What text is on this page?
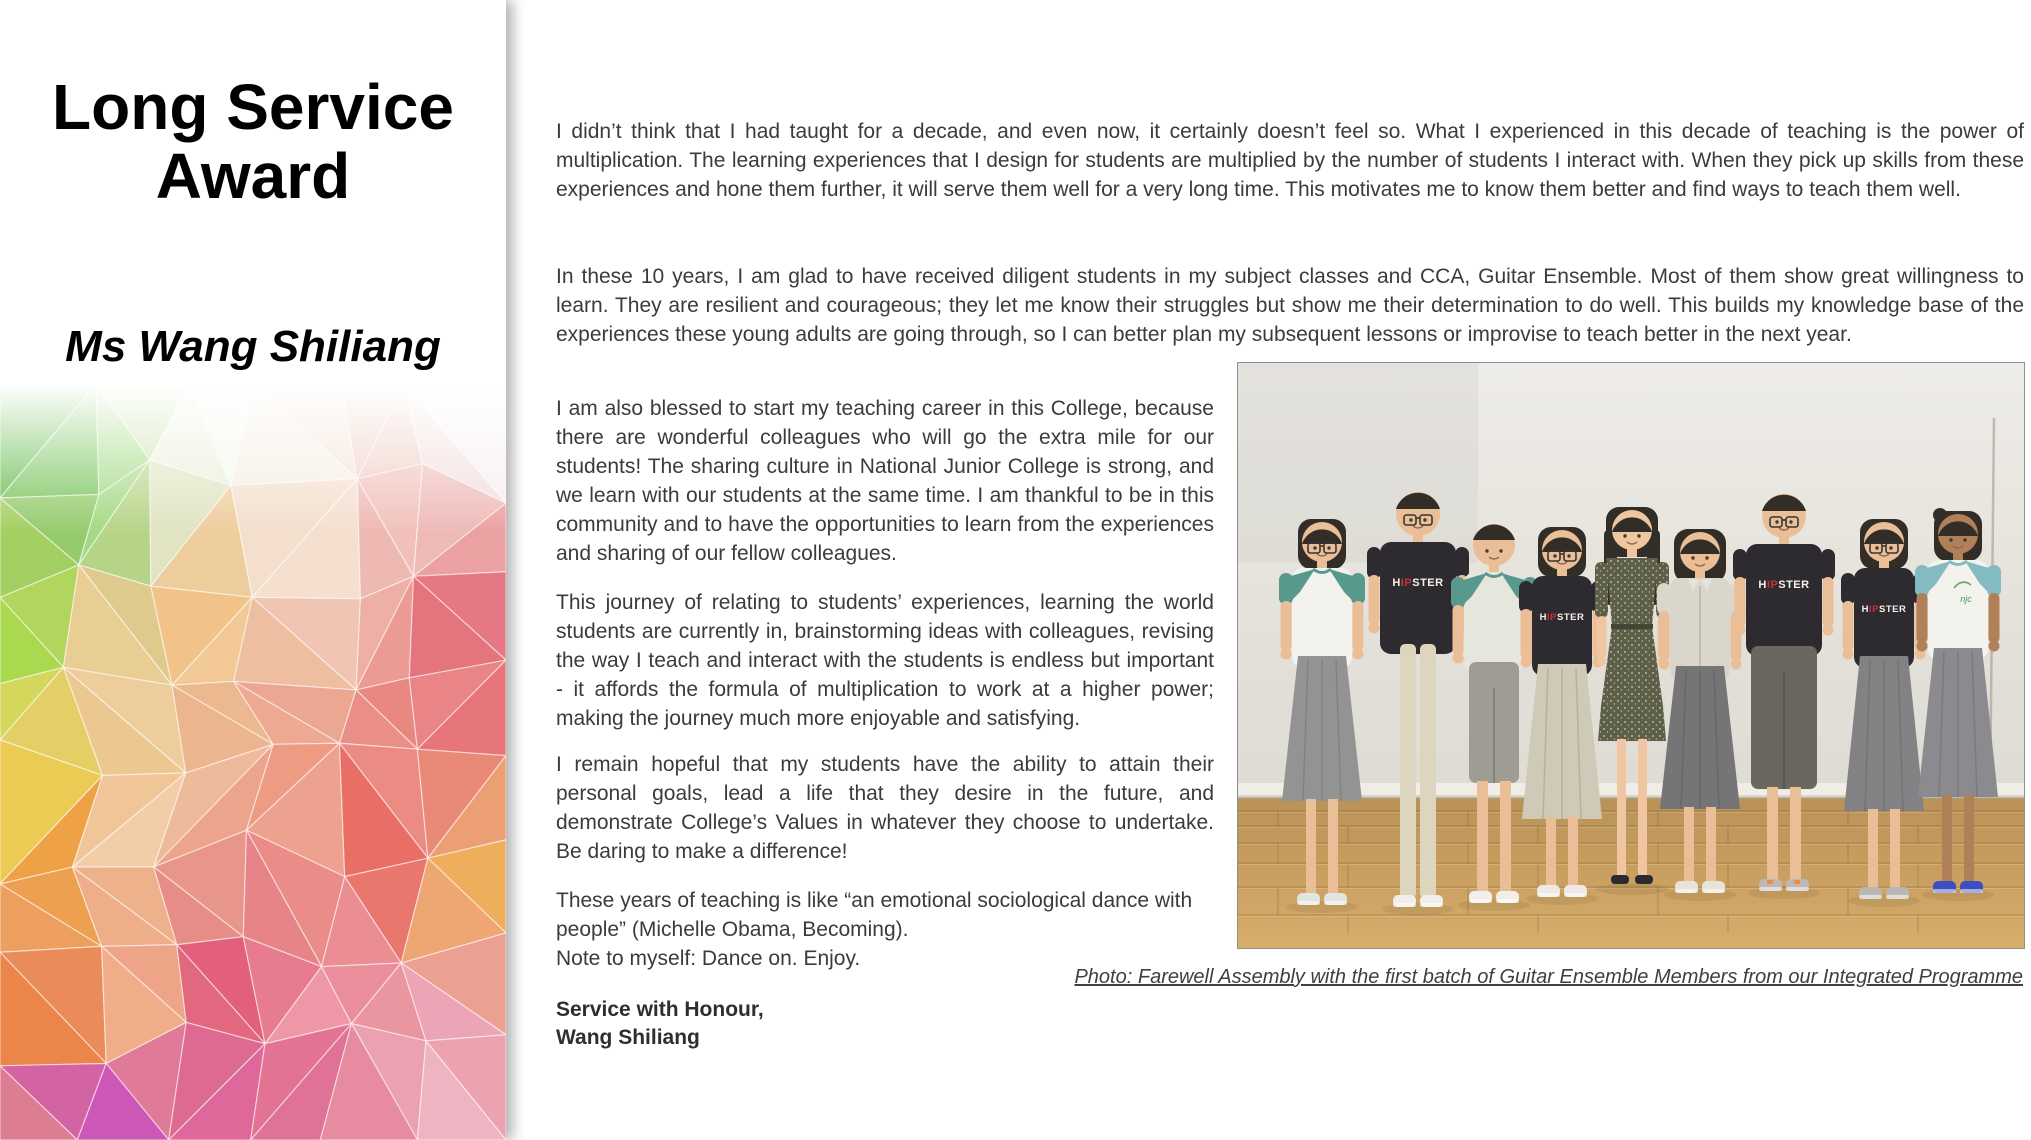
Long Service Award
Ms Wang Shiliang

I didn’t think that I had taught for a decade, and even now, it certainly doesn’t feel so. What I experienced in this decade of teaching is the power of multiplication. The learning experiences that I design for students are multiplied by the number of students I interact with. When they pick up skills from these experiences and hone them further, it will serve them well for a very long time. This motivates me to know them better and find ways to teach them well.

In these 10 years, I am glad to have received diligent students in my subject classes and CCA, Guitar Ensemble. Most of them show great willingness to learn. They are resilient and courageous; they let me know their struggles but show me their determination to do well. This builds my knowledge base of the experiences these young adults are going through, so I can better plan my subsequent lessons or improvise to teach better in the next year.

I am also blessed to start my teaching career in this College, because there are wonderful colleagues who will go the extra mile for our students! The sharing culture in National Junior College is strong, and we learn with our students at the same time. I am thankful to be in this community and to have the opportunities to learn from the experiences and sharing of our fellow colleagues.

This journey of relating to students’ experiences, learning the world students are currently in, brainstorming ideas with colleagues, revising the way I teach and interact with the students is endless but important - it affords the formula of multiplication to work at a higher power; making the journey much more enjoyable and satisfying.

I remain hopeful that my students have the ability to attain their personal goals, lead a life that they desire in the future, and demonstrate College’s Values in whatever they choose to undertake. Be daring to make a difference!

These years of teaching is like “an emotional sociological dance with people” (Michelle Obama, Becoming).
Note to myself: Dance on. Enjoy.

Service with Honour,
Wang Shiliang
Photo: Farewell Assembly with the first batch of Guitar Ensemble Members from our Integrated Programme
